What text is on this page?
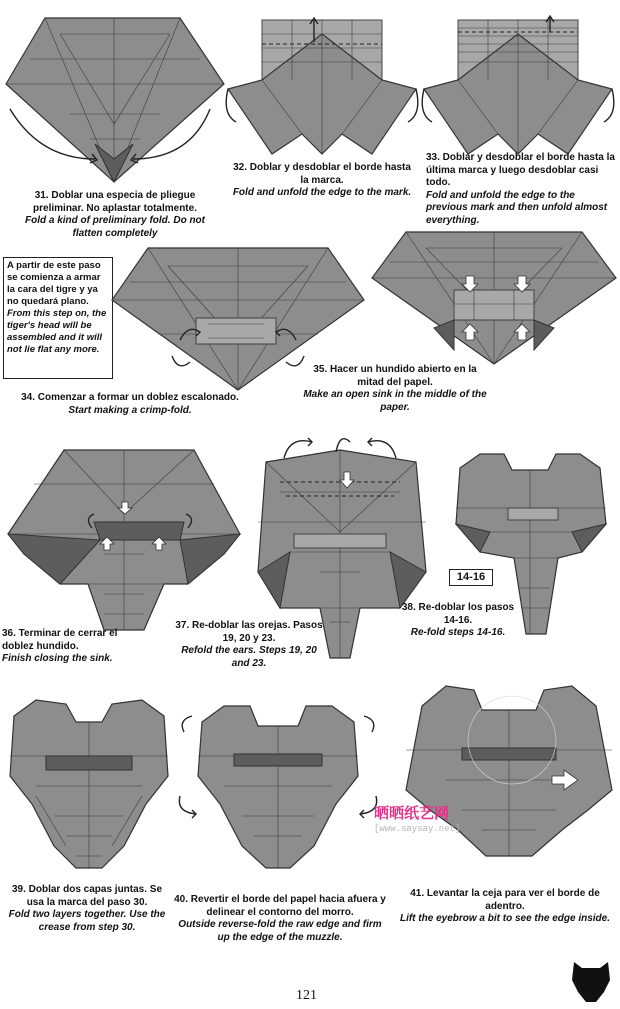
31. Doblar una especia de pliegue preliminar. No aplastar totalmente.
Fold a kind of preliminary fold. Do not flatten completely
32. Doblar y desdoblar el borde hasta la marca.
Fold and unfold the edge to the mark.
33. Doblar y desdoblar el borde hasta la última marca y luego desdoblar casi todo.
Fold and unfold the edge to the previous mark and then unfold almost everything.
A partir de este paso se comienza a armar la cara del tigre y ya no quedará plano.
From this step on, the tiger's head will be assembled and it will not lie flat any more.
34. Comenzar a formar un doblez escalonado.
Start making a crimp-fold.
35. Hacer un hundido abierto en la mitad del papel.
Make an open sink in the middle of the paper.
36. Terminar de cerrar el doblez hundido.
Finish closing the sink.
37. Re-doblar las orejas. Pasos 19, 20 y 23.
Refold the ears. Steps 19, 20 and 23.
14-16
38. Re-doblar los pasos 14-16.
Re-fold steps 14-16.
39. Doblar dos capas juntas. Se usa la marca del paso 30.
Fold two layers together. Use the crease from step 30.
40. Revertir el borde del papel hacia afuera y delinear el contorno del morro.
Outside reverse-fold the raw edge and firm up the edge of the muzzle.
41. Levantar la ceja para ver el borde de adentro.
Lift the eyebrow a bit to see the edge inside.
晒晒纸艺网
[www.saysay.net]
121
